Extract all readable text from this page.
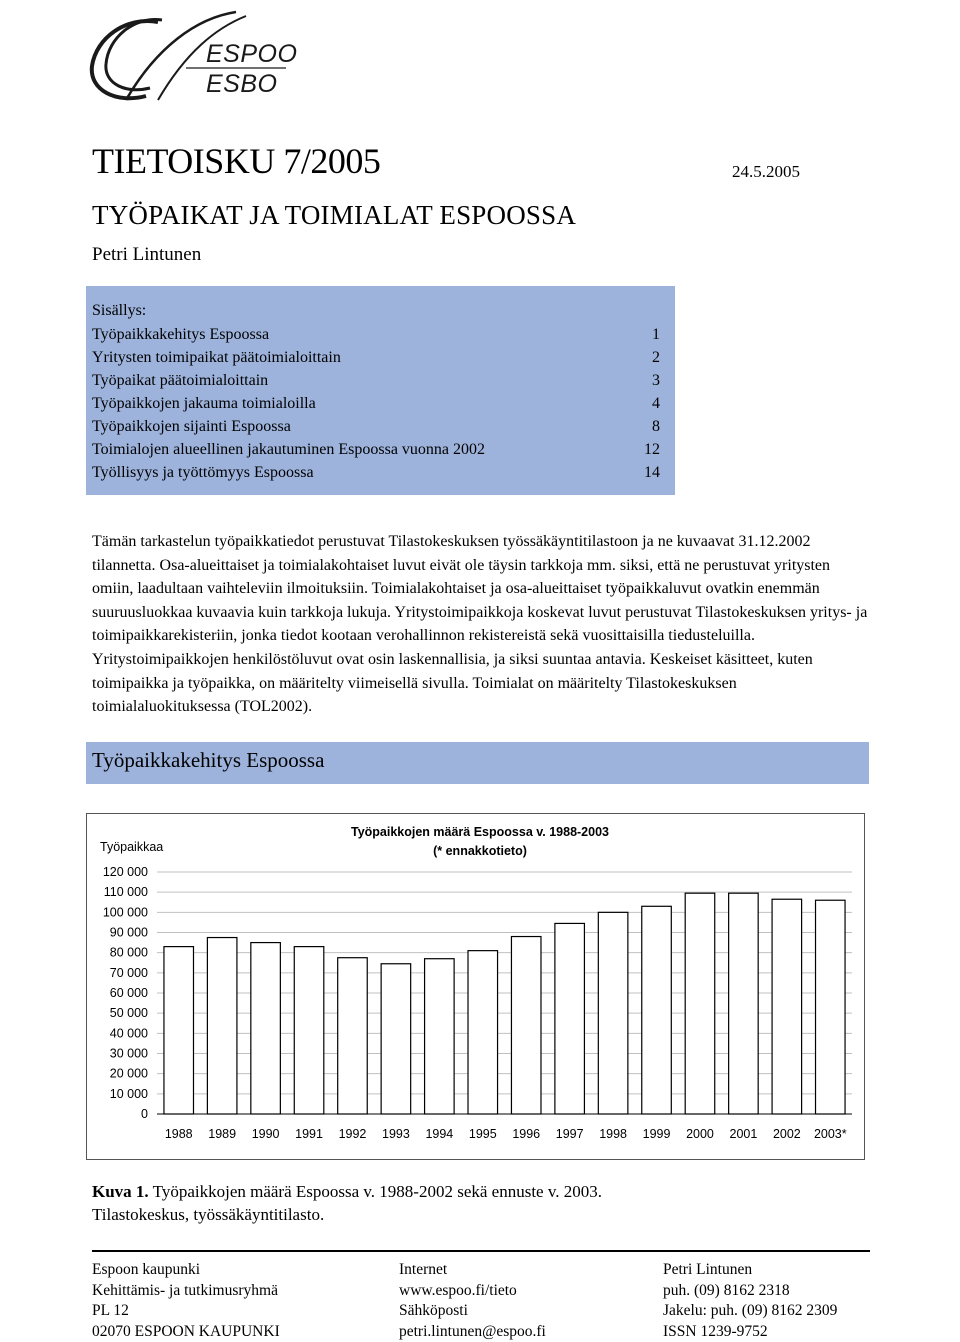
ESPOO
ESBO
TIETOISKU 7/2005	24.5.2005
TYÖPAIKAT JA TOIMIALAT ESPOOSSA
Petri Lintunen
Sisällys:
Työpaikkakehitys Espoossa	1
Yritysten toimipaikat päätoimialoittain	2
Työpaikat päätoimialoittain	3
Työpaikkojen jakauma toimialoilla	4
Työpaikkojen sijainti Espoossa	8
Toimialojen alueellinen jakautuminen Espoossa vuonna 2002	12
Työllisyys ja työttömyys Espoossa	14

Tämän tarkastelun työpaikkatiedot perustuvat Tilastokeskuksen työssäkäyntitilastoon ja ne kuvaavat 31.12.2002 tilannetta. Osa-alueittaiset ja toimialakohtaiset luvut eivät ole täysin tarkkoja mm. siksi, että ne perustuvat yritysten omiin, laadultaan vaihteleviin ilmoituksiin. Toimialakohtaiset ja osa-alueittaiset työpaikkaluvut ovatkin enemmän suuruusluokkaa kuvaavia kuin tarkkoja lukuja. Yritystoimipaikkoja koskevat luvut perustuvat Tilastokeskuksen yritys- ja toimipaikkarekisteriin, jonka tiedot kootaan verohallinnon rekistereistä sekä vuosittaisilla tiedusteluilla. Yritystoimipaikkojen henkilöstöluvut ovat osin laskennallisia, ja siksi suuntaa antavia. Keskeiset käsitteet, kuten toimipaikka ja työpaikka, on määritelty viimeisellä sivulla. Toimialat on määritelty Tilastokeskuksen toimialaluokituksessa (TOL2002).

Työpaikkakehitys Espoossa
Työpaikkojen määrä Espoossa v. 1988-2003
(* ennakkotieto)
Työpaikkaa
0
10 000
20 000
30 000
40 000
50 000
60 000
70 000
80 000
90 000
100 000
110 000
120 000
1988 1989 1990 1991 1992 1993 1994 1995 1996 1997 1998 1999 2000 2001 2002 2003*
Kuva 1. Työpaikkojen määrä Espoossa v. 1988-2002 sekä ennuste v. 2003.
Tilastokeskus, työssäkäyntitilasto.
Espoon kaupunki
Kehittämis- ja tutkimusryhmä
PL 12
02070 ESPOON KAUPUNKI
Internet
www.espoo.fi/tieto
Sähköposti
petri.lintunen@espoo.fi
Petri Lintunen
puh. (09) 8162 2318
Jakelu: puh. (09) 8162 2309
ISSN 1239-9752
